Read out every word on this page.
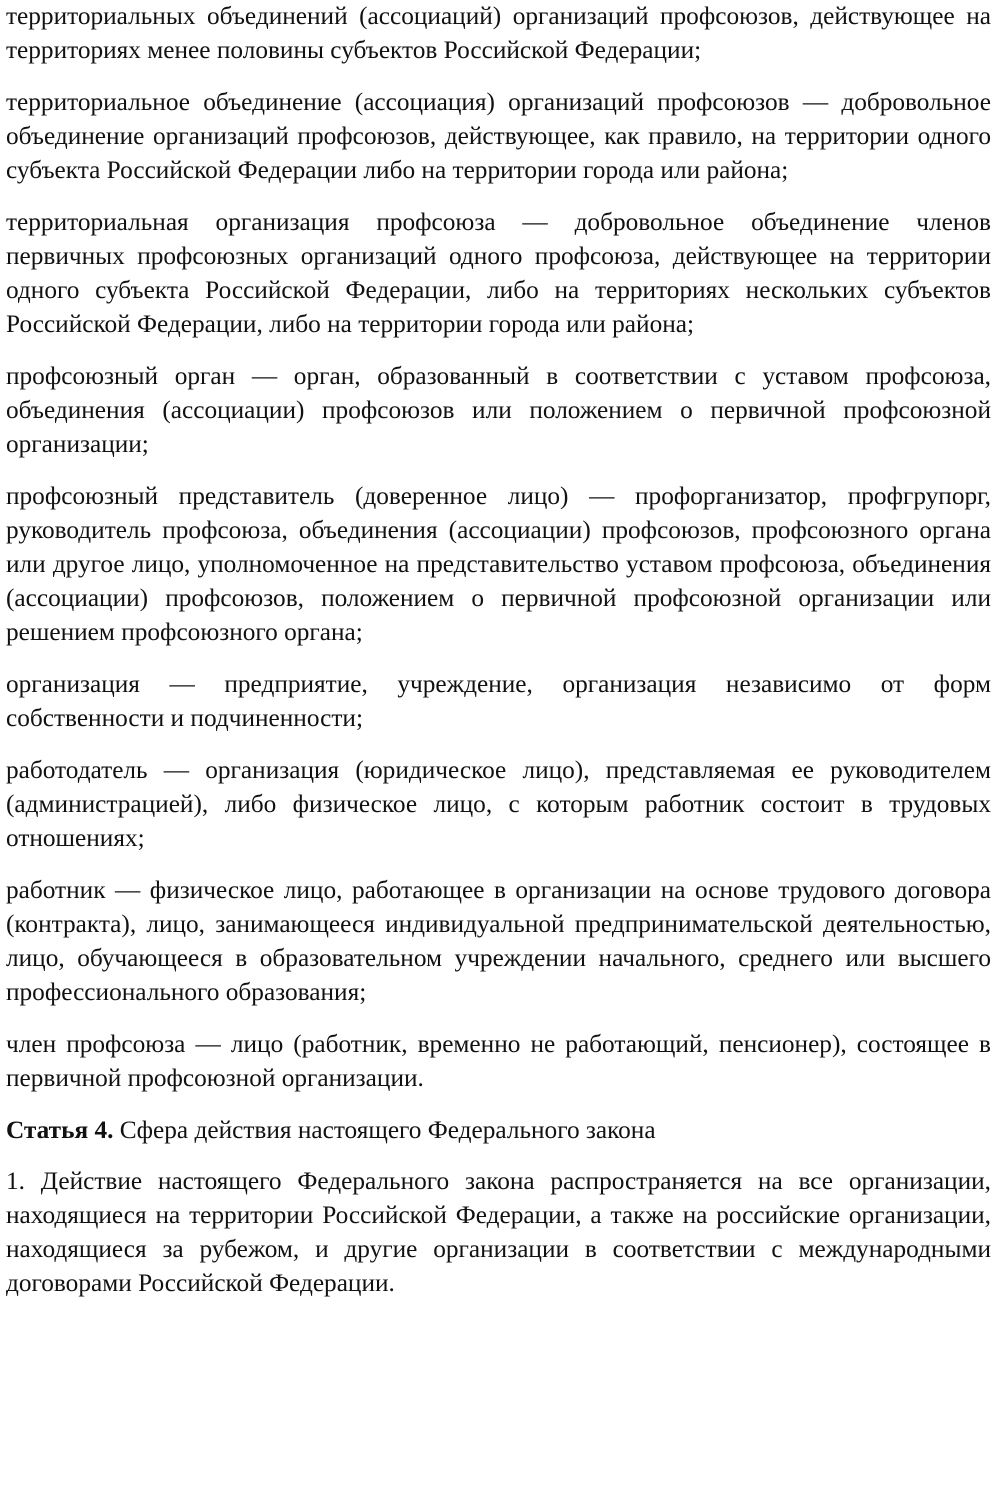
территориальных объединений (ассоциаций) организаций профсоюзов, действующее на территориях менее половины субъектов Российской Федерации;

территориальное объединение (ассоциация) организаций профсоюзов — добровольное объединение организаций профсоюзов, действующее, как правило, на территории одного субъекта Российской Федерации либо на территории города или района;

территориальная организация профсоюза — добровольное объединение членов первичных профсоюзных организаций одного профсоюза, действующее на территории одного субъекта Российской Федерации, либо на территориях нескольких субъектов Российской Федерации, либо на территории города или района;

профсоюзный орган — орган, образованный в соответствии с уставом профсоюза, объединения (ассоциации) профсоюзов или положением о первичной профсоюзной организации;

профсоюзный представитель (доверенное лицо) — профорганизатор, профгрупорг, руководитель профсоюза, объединения (ассоциации) профсоюзов, профсоюзного органа или другое лицо, уполномоченное на представительство уставом профсоюза, объединения (ассоциации) профсоюзов, положением о первичной профсоюзной организации или решением профсоюзного органа;

организация — предприятие, учреждение, организация независимо от форм собственности и подчиненности;

работодатель — организация (юридическое лицо), представляемая ее руководителем (администрацией), либо физическое лицо, с которым работник состоит в трудовых отношениях;

работник — физическое лицо, работающее в организации на основе трудового договора (контракта), лицо, занимающееся индивидуальной предпринимательской деятельностью, лицо, обучающееся в образовательном учреждении начального, среднего или высшего профессионального образования;

член профсоюза — лицо (работник, временно не работающий, пенсионер), состоящее в первичной профсоюзной организации.

Статья 4. Сфера действия настоящего Федерального закона

1. Действие настоящего Федерального закона распространяется на все организации, находящиеся на территории Российской Федерации, а также на российские организации, находящиеся за рубежом, и другие организации в соответствии с международными договорами Российской Федерации.
